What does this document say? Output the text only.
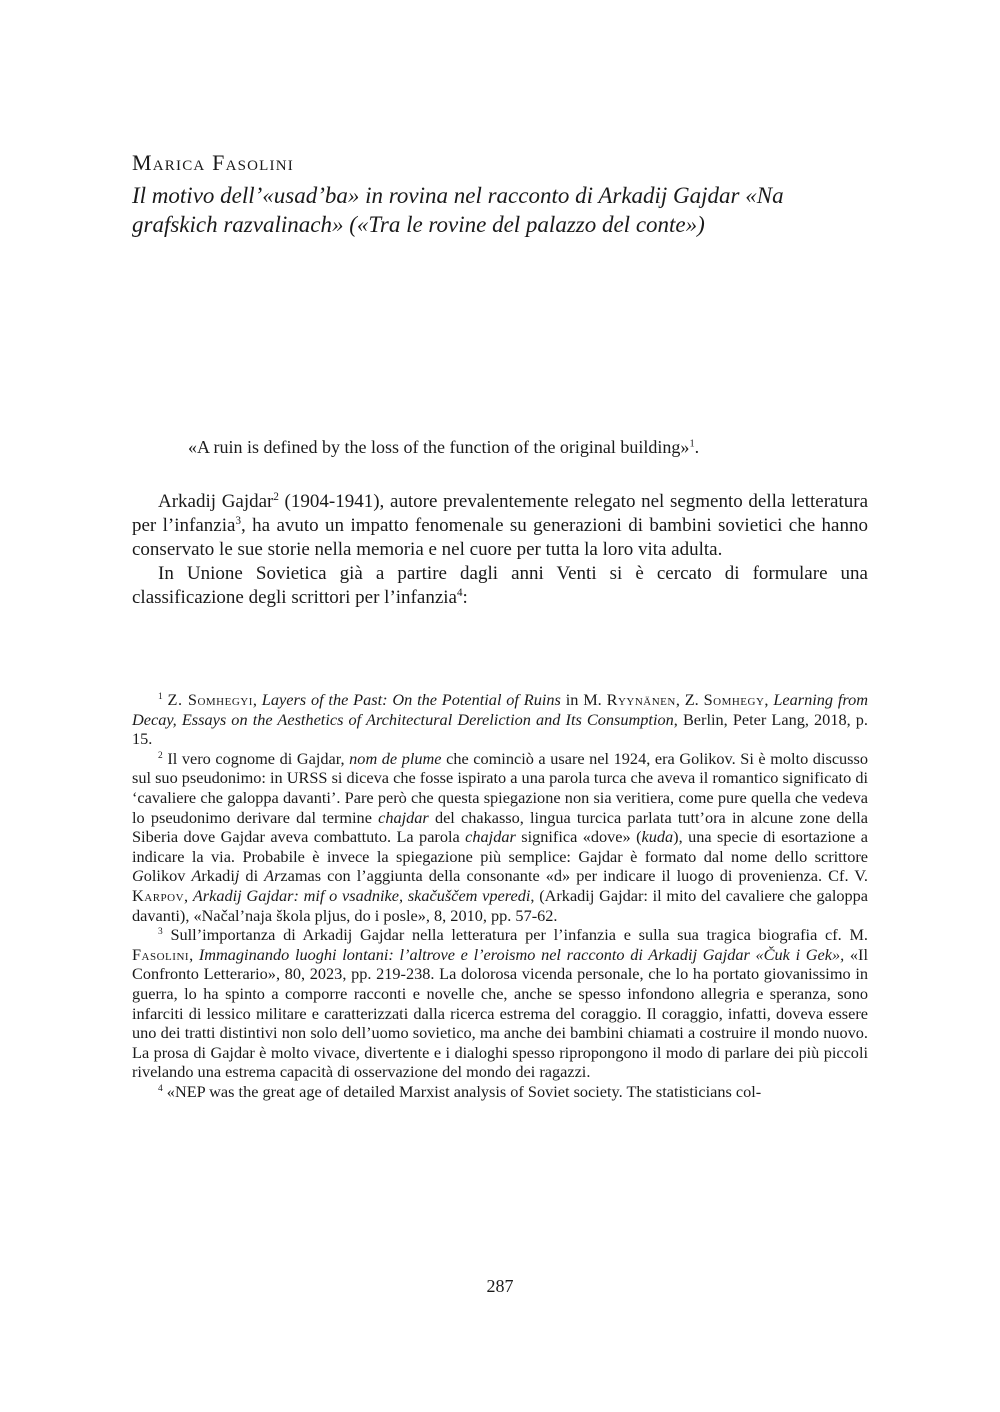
Marica Fasolini
Il motivo dell’«usad’ba» in rovina nel racconto di Arkadij Gajdar «Na grafskich razvalinach» («Tra le rovine del palazzo del conte»)

«A ruin is defined by the loss of the function of the original building»$^1$.

Arkadij Gajdar$^2$ (1904-1941), autore prevalentemente relegato nel segmento della letteratura per l’infanzia$^3$, ha avuto un impatto fenomenale su generazioni di bambini sovietici che hanno conservato le sue storie nella memoria e nel cuore per tutta la loro vita adulta.

In Unione Sovietica già a partire dagli anni Venti si è cercato di formulare una classificazione degli scrittori per l’infanzia$^4$:

$^1$ Z. Somhegyi, Layers of the Past: On the Potential of Ruins in M. Ryynänen, Z. Somhegy, Learning from Decay, Essays on the Aesthetics of Architectural Dereliction and Its Consumption, Berlin, Peter Lang, 2018, p. 15.

$^2$ Il vero cognome di Gajdar, nom de plume che cominciò a usare nel 1924, era Golikov. Si è molto discusso sul suo pseudonimo: in URSS si diceva che fosse ispirato a una parola turca che aveva il romantico significato di ‘cavaliere che galoppa davanti’. Pare però che questa spiegazione non sia veritiera, come pure quella che vedeva lo pseudonimo derivare dal termine chajdar del chakasso, lingua turcica parlata tutt’ora in alcune zone della Siberia dove Gajdar aveva combattuto. La parola chajdar significa «dove» (kuda), una specie di esortazione a indicare la via. Probabile è invece la spiegazione più semplice: Gajdar è formato dal nome dello scrittore Golikov Arkadij di Arzamas con l’aggiunta della consonante «d» per indicare il luogo di provenienza. Cf. V. Karpov, Arkadij Gajdar: mif o vsadnike, skačuščem vperedi, (Arkadij Gajdar: il mito del cavaliere che galoppa davanti), «Načal’naja škola pljus, do i posle», 8, 2010, pp. 57-62.

$^3$ Sull’importanza di Arkadij Gajdar nella letteratura per l’infanzia e sulla sua tragica biografia cf. M. Fasolini, Immaginando luoghi lontani: l’altrove e l’eroismo nel racconto di Arkadij Gajdar «Čuk i Gek», «Il Confronto Letterario», 80, 2023, pp. 219-238. La dolorosa vicenda personale, che lo ha portato giovanissimo in guerra, lo ha spinto a comporre racconti e novelle che, anche se spesso infondono allegria e speranza, sono infarciti di lessico militare e caratterizzati dalla ricerca estrema del coraggio. Il coraggio, infatti, doveva essere uno dei tratti distintivi non solo dell’uomo sovietico, ma anche dei bambini chiamati a costruire il mondo nuovo. La prosa di Gajdar è molto vivace, divertente e i dialoghi spesso ripropongono il modo di parlare dei più piccoli rivelando una estrema capacità di osservazione del mondo dei ragazzi.

$^4$ «NEP was the great age of detailed Marxist analysis of Soviet society. The statisticians col-

287
